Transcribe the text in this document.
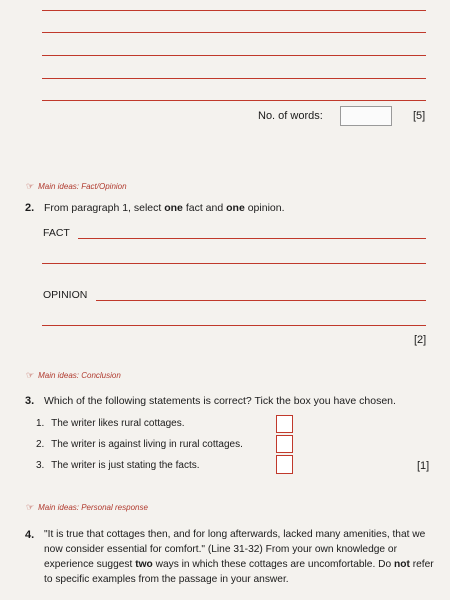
No. of words:	[5]
☞ Main ideas: Fact/Opinion
2. From paragraph 1, select one fact and one opinion.
FACT
OPINION
[2]
☞ Main ideas: Conclusion
3. Which of the following statements is correct? Tick the box you have chosen.
1. The writer likes rural cottages.
2. The writer is against living in rural cottages.
3. The writer is just stating the facts.	[1]
☞ Main ideas: Personal response
4. "It is true that cottages then, and for long afterwards, lacked many amenities, that we now consider essential for comfort." (Line 31-32) From your own knowledge or experience suggest two ways in which these cottages are uncomfortable. Do not refer to specific examples from the passage in your answer.
